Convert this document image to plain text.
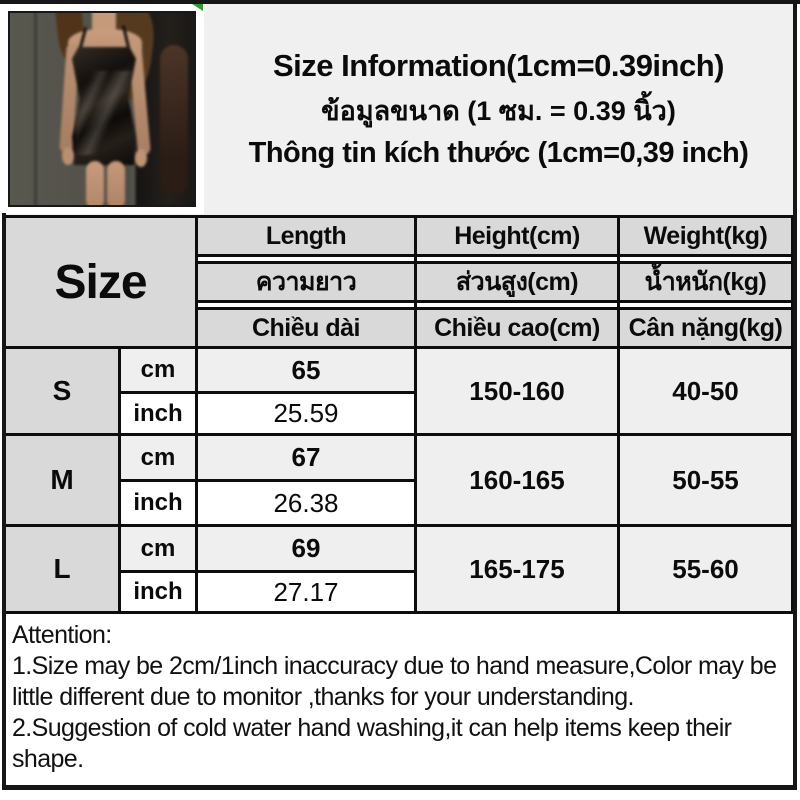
Size Information(1cm=0.39inch)
ข้อมูลขนาด (1 ซม. = 0.39 นิ้ว)
Thông tin kích thước (1cm=0,39 inch)
Size
Length	Height(cm)	Weight(kg)
ความยาว	ส่วนสูง(cm)	น้ำหนัก(kg)
Chiều dài	Chiều cao(cm)	Cân nặng(kg)
S
cm	65
inch	25.59
150-160	40-50
M
cm	67
inch	26.38
160-165	50-55
L
cm	69
inch	27.17
165-175	55-60
Attention:
1.Size may be 2cm/1inch inaccuracy due to hand measure,Color may be
little different due to monitor ,thanks for your understanding.
2.Suggestion of cold water hand washing,it can help items keep their
shape.
